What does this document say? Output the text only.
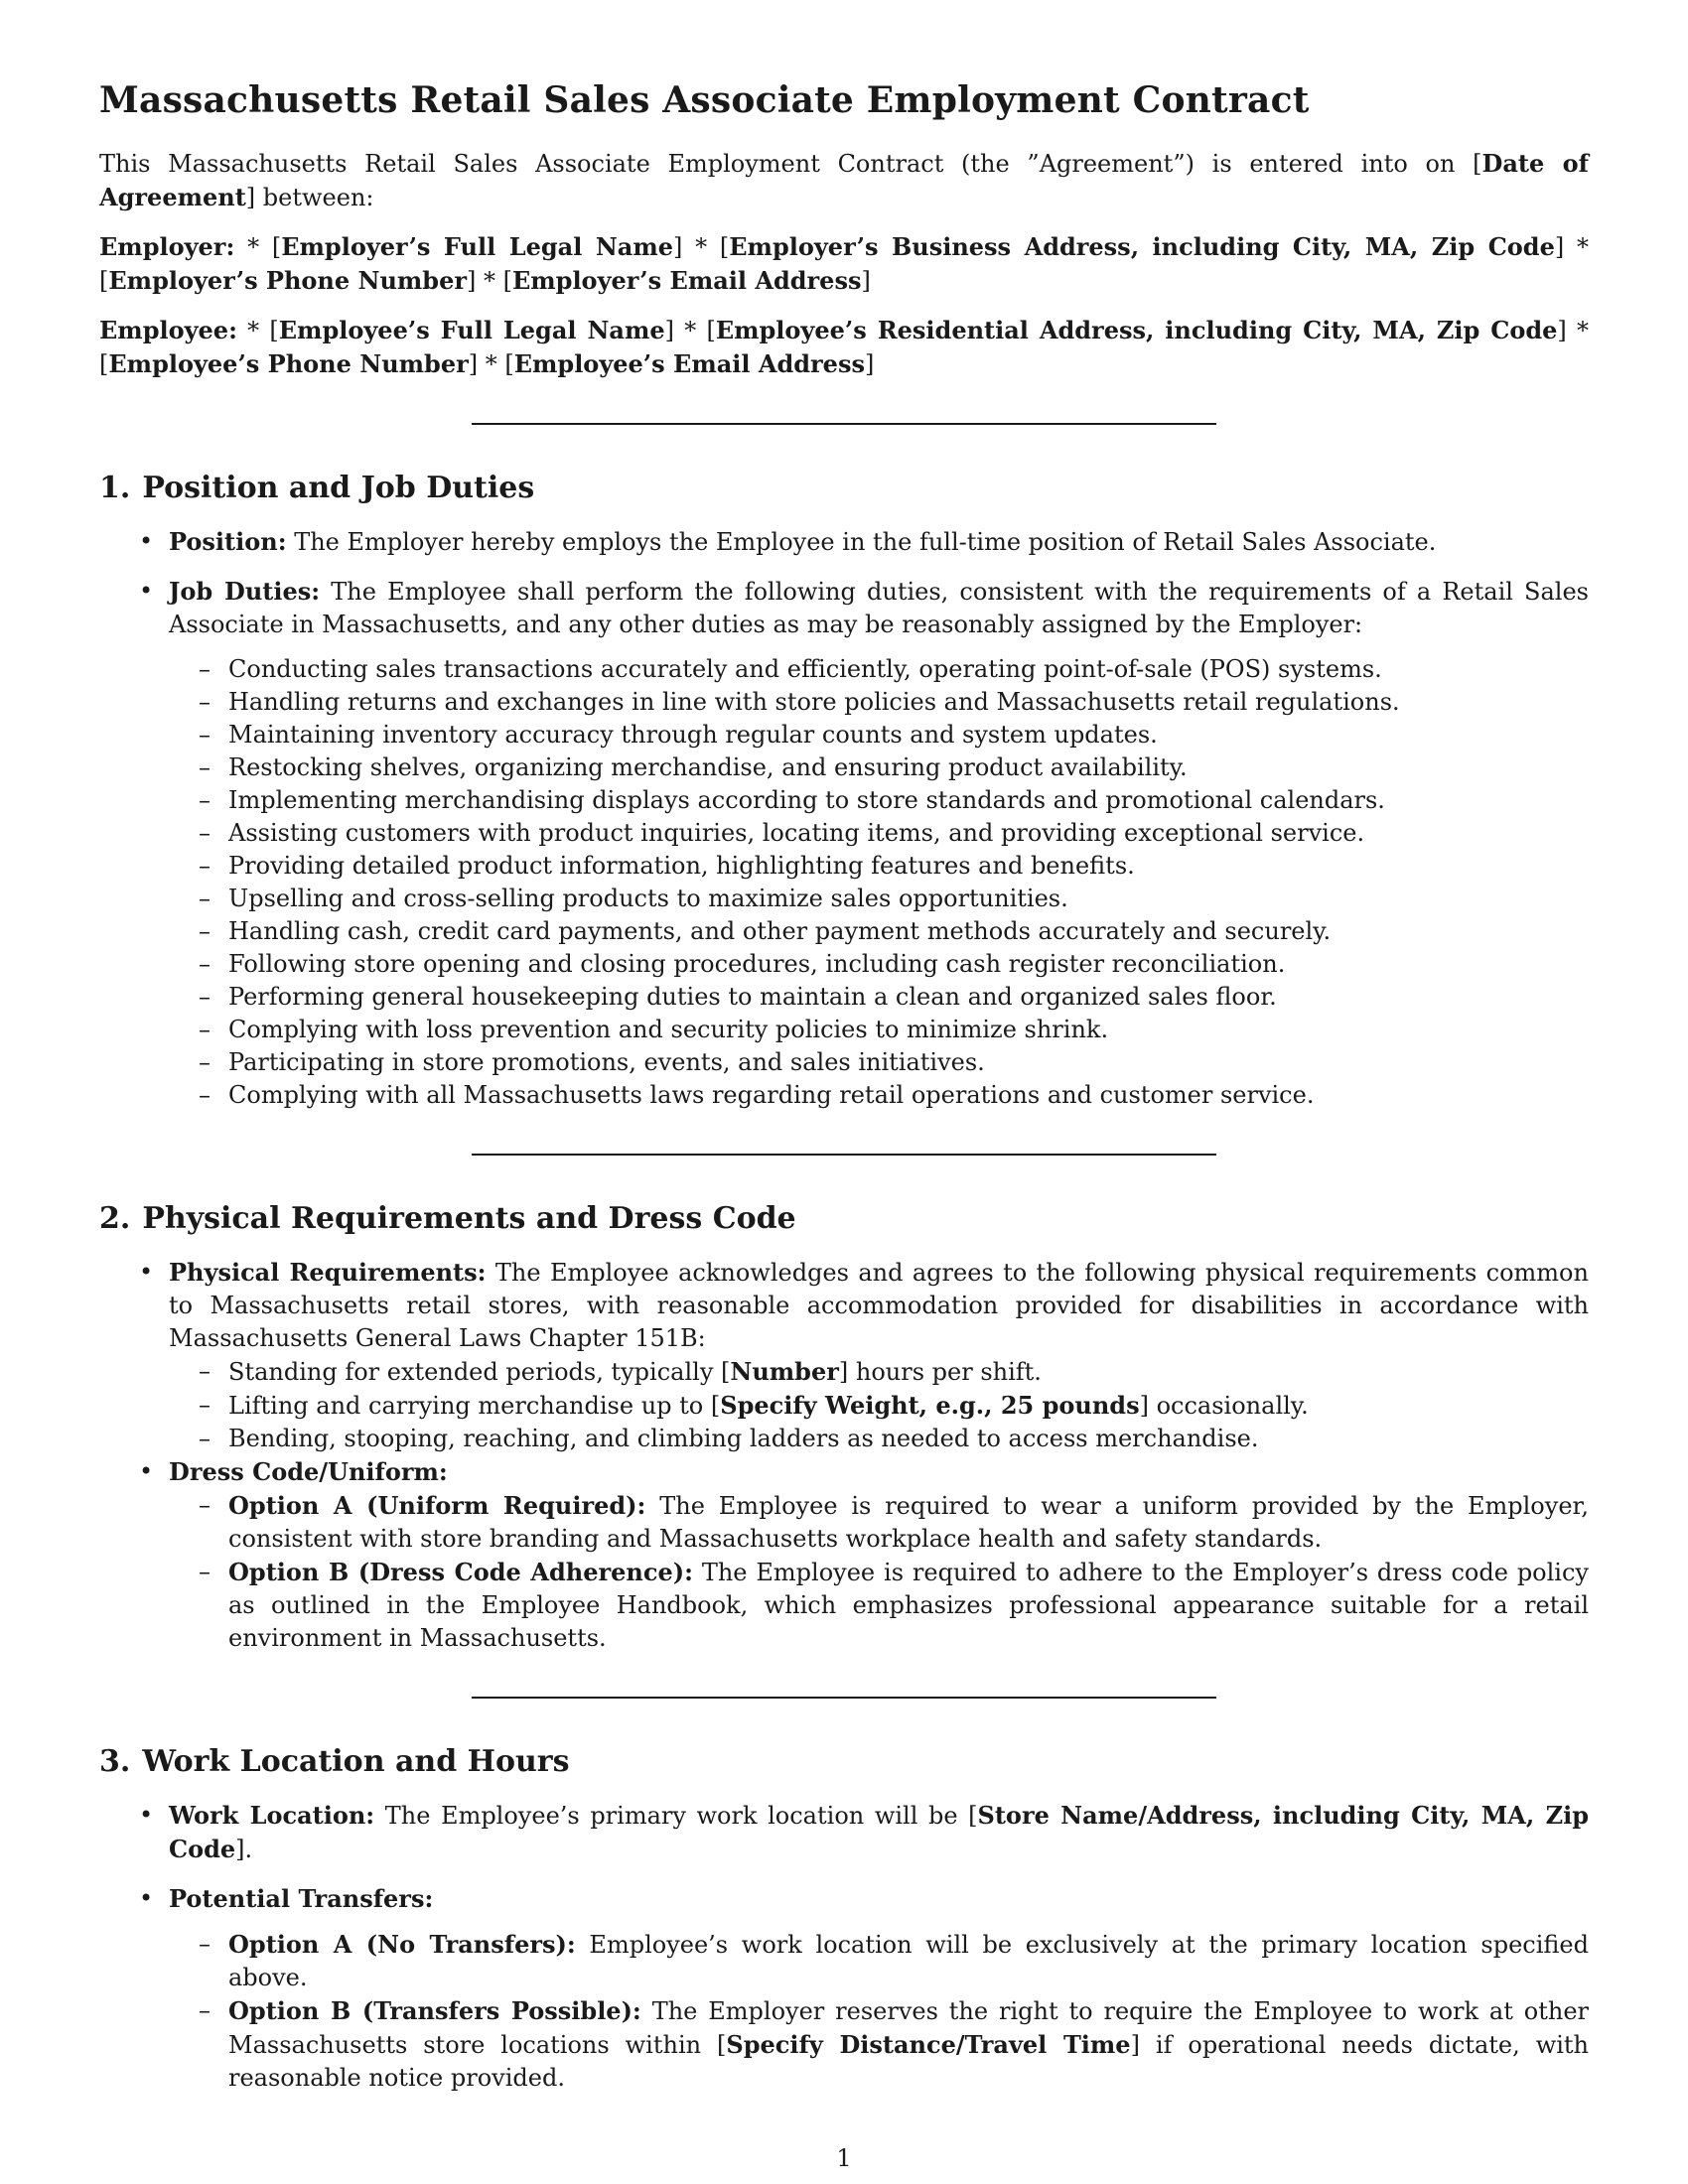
Massachusetts Retail Sales Associate Employment Contract

This Massachusetts Retail Sales Associate Employment Contract (the ”Agreement”) is entered into on [Date of Agreement] between:

Employer: * [Employer’s Full Legal Name] * [Employer’s Business Address, including City, MA, Zip Code] * [Employer’s Phone Number] * [Employer’s Email Address]

Employee: * [Employee’s Full Legal Name] * [Employee’s Residential Address, including City, MA, Zip Code] * [Employee’s Phone Number] * [Employee’s Email Address]

1. Position and Job Duties
• Position: The Employer hereby employs the Employee in the full-time position of Retail Sales Associate.
• Job Duties: The Employee shall perform the following duties, consistent with the requirements of a Retail Sales Associate in Massachusetts, and any other duties as may be reasonably assigned by the Employer:
– Conducting sales transactions accurately and efficiently, operating point-of-sale (POS) systems.
– Handling returns and exchanges in line with store policies and Massachusetts retail regulations.
– Maintaining inventory accuracy through regular counts and system updates.
– Restocking shelves, organizing merchandise, and ensuring product availability.
– Implementing merchandising displays according to store standards and promotional calendars.
– Assisting customers with product inquiries, locating items, and providing exceptional service.
– Providing detailed product information, highlighting features and benefits.
– Upselling and cross-selling products to maximize sales opportunities.
– Handling cash, credit card payments, and other payment methods accurately and securely.
– Following store opening and closing procedures, including cash register reconciliation.
– Performing general housekeeping duties to maintain a clean and organized sales floor.
– Complying with loss prevention and security policies to minimize shrink.
– Participating in store promotions, events, and sales initiatives.
– Complying with all Massachusetts laws regarding retail operations and customer service.
2. Physical Requirements and Dress Code
• Physical Requirements: The Employee acknowledges and agrees to the following physical requirements common to Massachusetts retail stores, with reasonable accommodation provided for disabilities in accordance with Massachusetts General Laws Chapter 151B:
– Standing for extended periods, typically [Number] hours per shift.
– Lifting and carrying merchandise up to [Specify Weight, e.g., 25 pounds] occasionally.
– Bending, stooping, reaching, and climbing ladders as needed to access merchandise.
• Dress Code/Uniform:
– Option A (Uniform Required): The Employee is required to wear a uniform provided by the Employer, consistent with store branding and Massachusetts workplace health and safety standards.
– Option B (Dress Code Adherence): The Employee is required to adhere to the Employer’s dress code policy as outlined in the Employee Handbook, which emphasizes professional appearance suitable for a retail environment in Massachusetts.
3. Work Location and Hours
• Work Location: The Employee’s primary work location will be [Store Name/Address, including City, MA, Zip Code].
• Potential Transfers:
– Option A (No Transfers): Employee’s work location will be exclusively at the primary location specified above.
– Option B (Transfers Possible): The Employer reserves the right to require the Employee to work at other Massachusetts store locations within [Specify Distance/Travel Time] if operational needs dictate, with reasonable notice provided.
1
